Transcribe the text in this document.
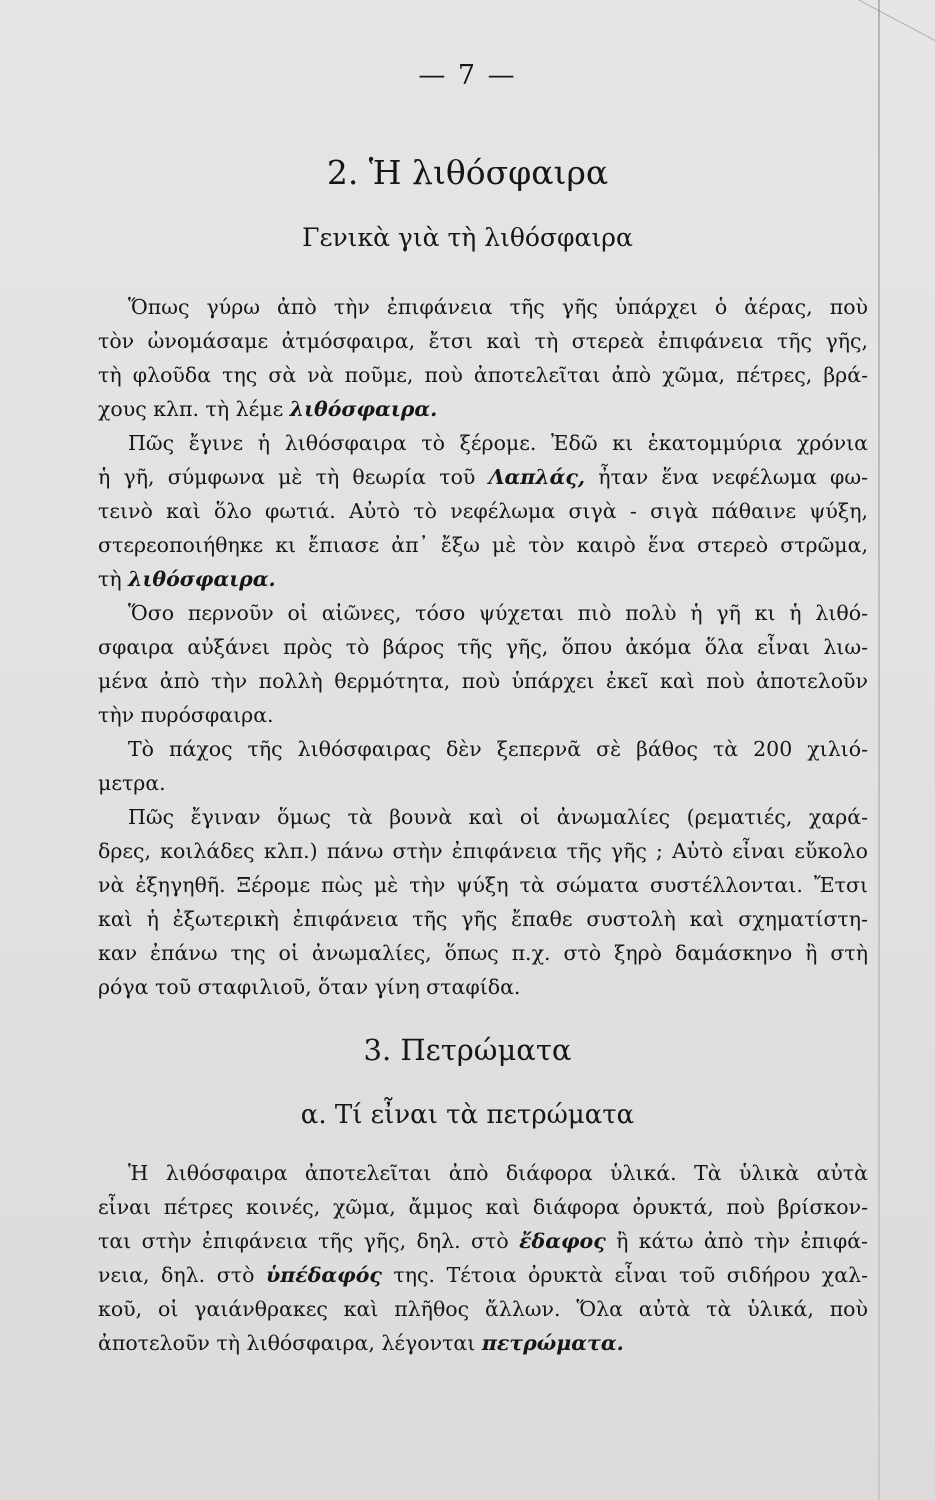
— 7 —
2. Ἡ λιθόσφαιρα
Γενικὰ γιὰ τὴ λιθόσφαιρα
Ὅπως γύρω ἀπὸ τὴν ἐπιφάνεια τῆς γῆς ὑπάρχει ὁ ἀέρας, ποὺ
τὸν ὠνομάσαμε ἀτμόσφαιρα, ἔτσι καὶ τὴ στερεὰ ἐπιφάνεια τῆς γῆς,
τὴ φλοῦδα της σὰ νὰ ποῦμε, ποὺ ἀποτελεῖται ἀπὸ χῶμα, πέτρες, βρά-
χους κλπ. τὴ λέμε λιθόσφαιρα.
Πῶς ἔγινε ἡ λιθόσφαιρα τὸ ξέρομε. Ἐδῶ κι ἑκατομμύρια χρόνια
ἡ γῆ, σύμφωνα μὲ τὴ θεωρία τοῦ Λαπλάς, ἦταν ἕνα νεφέλωμα φω-
τεινὸ καὶ ὅλο φωτιά. Αὐτὸ τὸ νεφέλωμα σιγὰ - σιγὰ πάθαινε ψύξη,
στερεοποιήθηκε κι ἔπιασε ἀπ᾿ ἔξω μὲ τὸν καιρὸ ἕνα στερεὸ στρῶμα,
τὴ λιθόσφαιρα.
Ὅσο περνοῦν οἱ αἰῶνες, τόσο ψύχεται πιὸ πολὺ ἡ γῆ κι ἡ λιθό-
σφαιρα αὐξάνει πρὸς τὸ βάρος τῆς γῆς, ὅπου ἀκόμα ὅλα εἶναι λιω-
μένα ἀπὸ τὴν πολλὴ θερμότητα, ποὺ ὑπάρχει ἐκεῖ καὶ ποὺ ἀποτελοῦν
τὴν πυρόσφαιρα.
Τὸ πάχος τῆς λιθόσφαιρας δὲν ξεπερνᾶ σὲ βάθος τὰ 200 χιλιό-
μετρα.
Πῶς ἔγιναν ὅμως τὰ βουνὰ καὶ οἱ ἀνωμαλίες (ρεματιές, χαρά-
δρες, κοιλάδες κλπ.) πάνω στὴν ἐπιφάνεια τῆς γῆς ; Αὐτὸ εἶναι εὔκολο
νὰ ἐξηγηθῆ. Ξέρομε πὼς μὲ τὴν ψύξη τὰ σώματα συστέλλονται. Ἔτσι
καὶ ἡ ἐξωτερικὴ ἐπιφάνεια τῆς γῆς ἔπαθε συστολὴ καὶ σχηματίστη-
καν ἐπάνω της οἱ ἀνωμαλίες, ὅπως π.χ. στὸ ξηρὸ δαμάσκηνο ἢ στὴ
ρόγα τοῦ σταφιλιοῦ, ὅταν γίνη σταφίδα.
3. Πετρώματα
α. Τί εἶναι τὰ πετρώματα
Ἡ λιθόσφαιρα ἀποτελεῖται ἀπὸ διάφορα ὑλικά. Τὰ ὑλικὰ αὐτὰ
εἶναι πέτρες κοινές, χῶμα, ἄμμος καὶ διάφορα ὀρυκτά, ποὺ βρίσκον-
ται στὴν ἐπιφάνεια τῆς γῆς, δηλ. στὸ ἔδαφος ἢ κάτω ἀπὸ τὴν ἐπιφά-
νεια, δηλ. στὸ ὑπέδαφός της. Τέτοια ὀρυκτὰ εἶναι τοῦ σιδήρου χαλ-
κοῦ, οἱ γαιάνθρακες καὶ πλῆθος ἄλλων. Ὅλα αὐτὰ τὰ ὑλικά, ποὺ
ἀποτελοῦν τὴ λιθόσφαιρα, λέγονται πετρώματα.
